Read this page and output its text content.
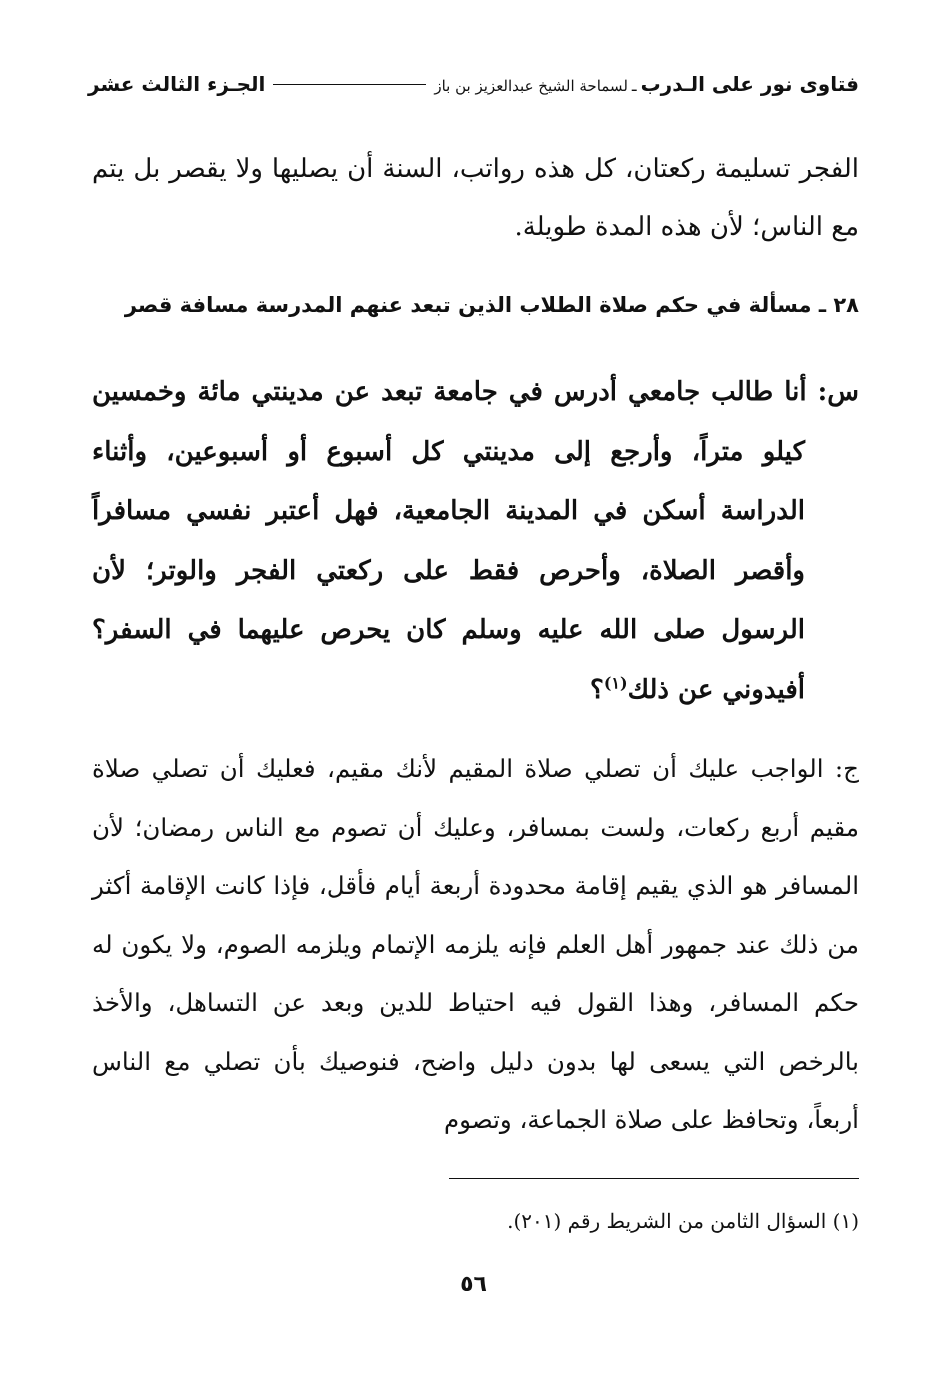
فتاوى نور على الـدرب
ـ
لسماحة الشيخ عبدالعزيز بن باز
الجـزء الثالث عشر

الفجر تسليمة ركعتان، كل هذه رواتب، السنة أن يصليها ولا يقصر بل يتم مع الناس؛ لأن هذه المدة طويلة.

٢٨ ـ مسألة في حكم صلاة الطلاب الذين تبعد عنهم المدرسة مسافة قصر

س: أنا طالب جامعي أدرس في جامعة تبعد عن مدينتي مائة وخمسين كيلو متراً، وأرجع إلى مدينتي كل أسبوع أو أسبوعين، وأثناء الدراسة أسكن في المدينة الجامعية، فهل أعتبر نفسي مسافراً وأقصر الصلاة، وأحرص فقط على ركعتي الفجر والوتر؛ لأن الرسول صلى الله عليه وسلم كان يحرص عليهما في السفر؟ أفيدوني عن ذلك$^{(١)}$؟

ج: الواجب عليك أن تصلي صلاة المقيم لأنك مقيم، فعليك أن تصلي صلاة مقيم أربع ركعات، ولست بمسافر، وعليك أن تصوم مع الناس رمضان؛ لأن المسافر هو الذي يقيم إقامة محدودة أربعة أيام فأقل، فإذا كانت الإقامة أكثر من ذلك عند جمهور أهل العلم فإنه يلزمه الإتمام ويلزمه الصوم، ولا يكون له حكم المسافر، وهذا القول فيه احتياط للدين وبعد عن التساهل، والأخذ بالرخص التي يسعى لها بدون دليل واضح، فنوصيك بأن تصلي مع الناس أربعاً، وتحافظ على صلاة الجماعة، وتصوم

(١) السؤال الثامن من الشريط رقم (٢٠١).
٥٦
